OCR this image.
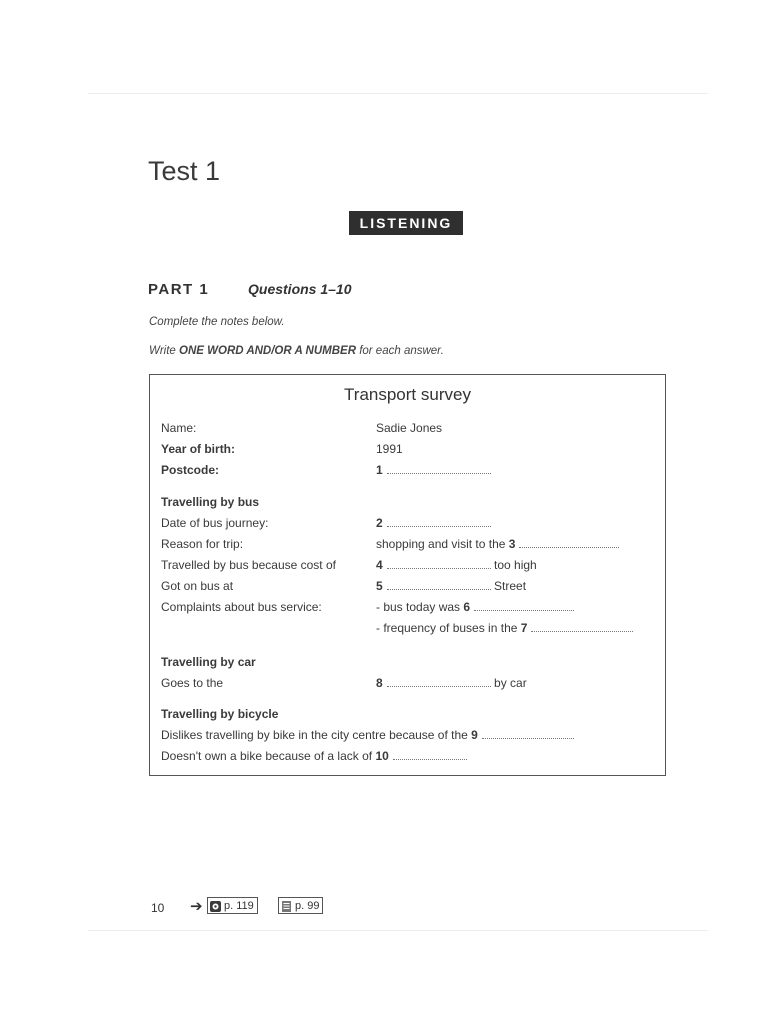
Test 1
LISTENING
PART 1	Questions 1–10
Complete the notes below.
Write ONE WORD AND/OR A NUMBER for each answer.
Transport survey
Name:	Sadie Jones
Year of birth:	1991
Postcode:	1
Travelling by bus
Date of bus journey:	2
Reason for trip:	shopping and visit to the 3
Travelled by bus because cost of	4	too high
Got on bus at	5	Street
Complaints about bus service:	- bus today was 6
- frequency of buses in the 7
Travelling by car
Goes to the	8	by car
Travelling by bicycle
Dislikes travelling by bike in the city centre because of the 9
Doesn't own a bike because of a lack of 10
10 ➔ p. 119	p. 99
